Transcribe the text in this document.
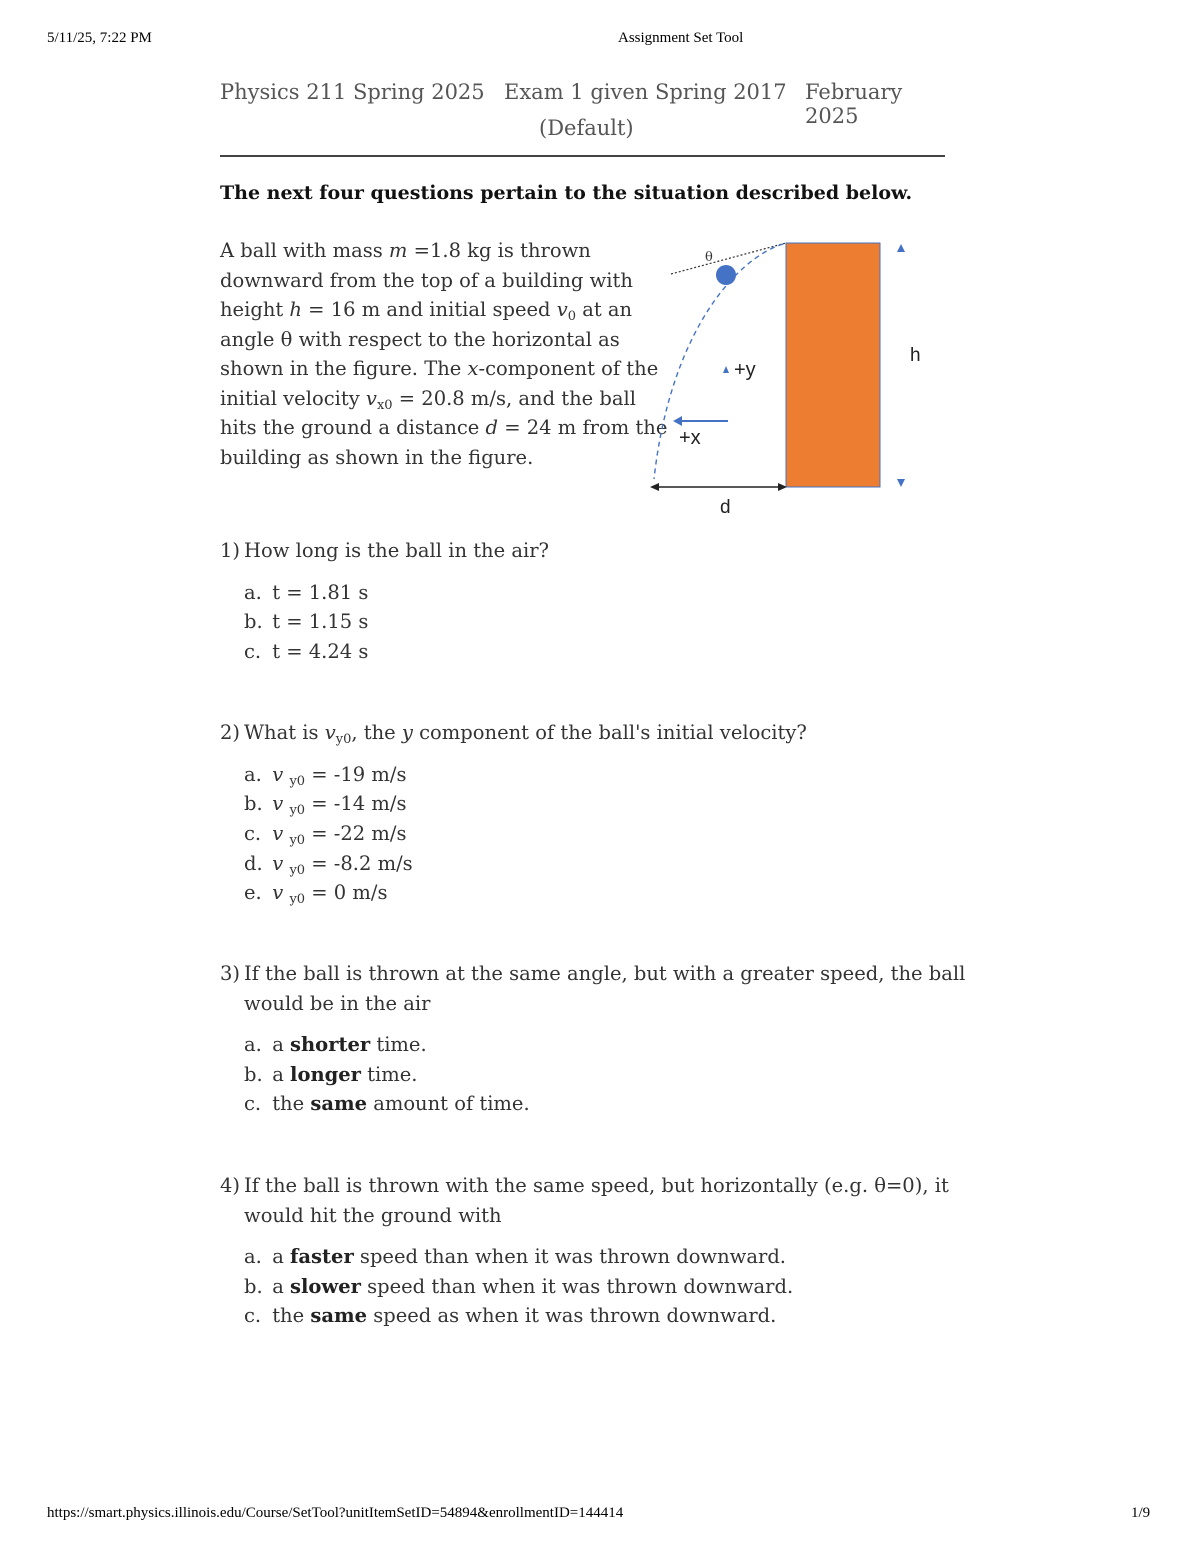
5/11/25, 7:22 PM	Assignment Set Tool
Physics 211 Spring 2025 Exam 1 given Spring 2017
(Default)
February 2025
The next four questions pertain to the situation described below.
A ball with mass m =1.8 kg is thrown
downward from the top of a building with
height h = 16 m and initial speed $v_0$ at an
angle θ with respect to the horizontal as
shown in the figure. The x-component of the
initial velocity $v_{x0} = 20.8$ m/s, and the ball
hits the ground a distance d = 24 m from the
building as shown in the figure.
θ
+y
+x
h
d
1) How long is the ball in the air?
a. t = 1.81 s
b. t = 1.15 s
c. t = 4.24 s
2) What is $v_{y0}$, the y component of the ball's initial velocity?
a. v $_{y0}$ = -19 m/s
b. v $_{y0}$ = -14 m/s
c. v $_{y0}$ = -22 m/s
d. v $_{y0}$ = -8.2 m/s
e. v $_{y0}$ = 0 m/s
3) If the ball is thrown at the same angle, but with a greater speed, the ball
would be in the air
a. a shorter time.
b. a longer time.
c. the same amount of time.
4) If the ball is thrown with the same speed, but horizontally (e.g. θ=0), it
would hit the ground with
a. a faster speed than when it was thrown downward.
b. a slower speed than when it was thrown downward.
c. the same speed as when it was thrown downward.
https://smart.physics.illinois.edu/Course/SetTool?unitItemSetID=54894&enrollmentID=144414	1/9
